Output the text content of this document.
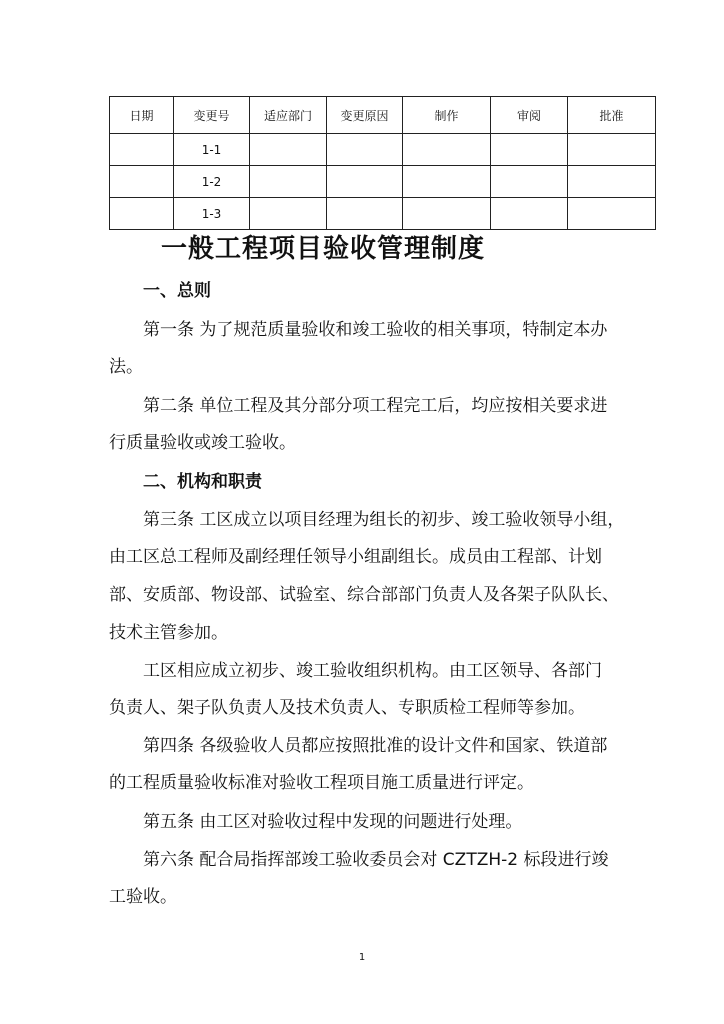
日期	变更号	适应部门	变更原因	制作	审阅	批准
	1-1					
	1-2					
	1-3					
一般工程项目验收管理制度
一、总则

第一条 为了规范质量验收和竣工验收的相关事项，特制定本办

法。

第二条 单位工程及其分部分项工程完工后，均应按相关要求进

行质量验收或竣工验收。

二、机构和职责

第三条 工区成立以项目经理为组长的初步、竣工验收领导小组，

由工区总工程师及副经理任领导小组副组长。成员由工程部、计划

部、安质部、物设部、试验室、综合部部门负责人及各架子队队长、

技术主管参加。

工区相应成立初步、竣工验收组织机构。由工区领导、各部门

负责人、架子队负责人及技术负责人、专职质检工程师等参加。

第四条 各级验收人员都应按照批准的设计文件和国家、铁道部

的工程质量验收标准对验收工程项目施工质量进行评定。

第五条 由工区对验收过程中发现的问题进行处理。

第六条 配合局指挥部竣工验收委员会对 CZTZH-2 标段进行竣

工验收。

1
